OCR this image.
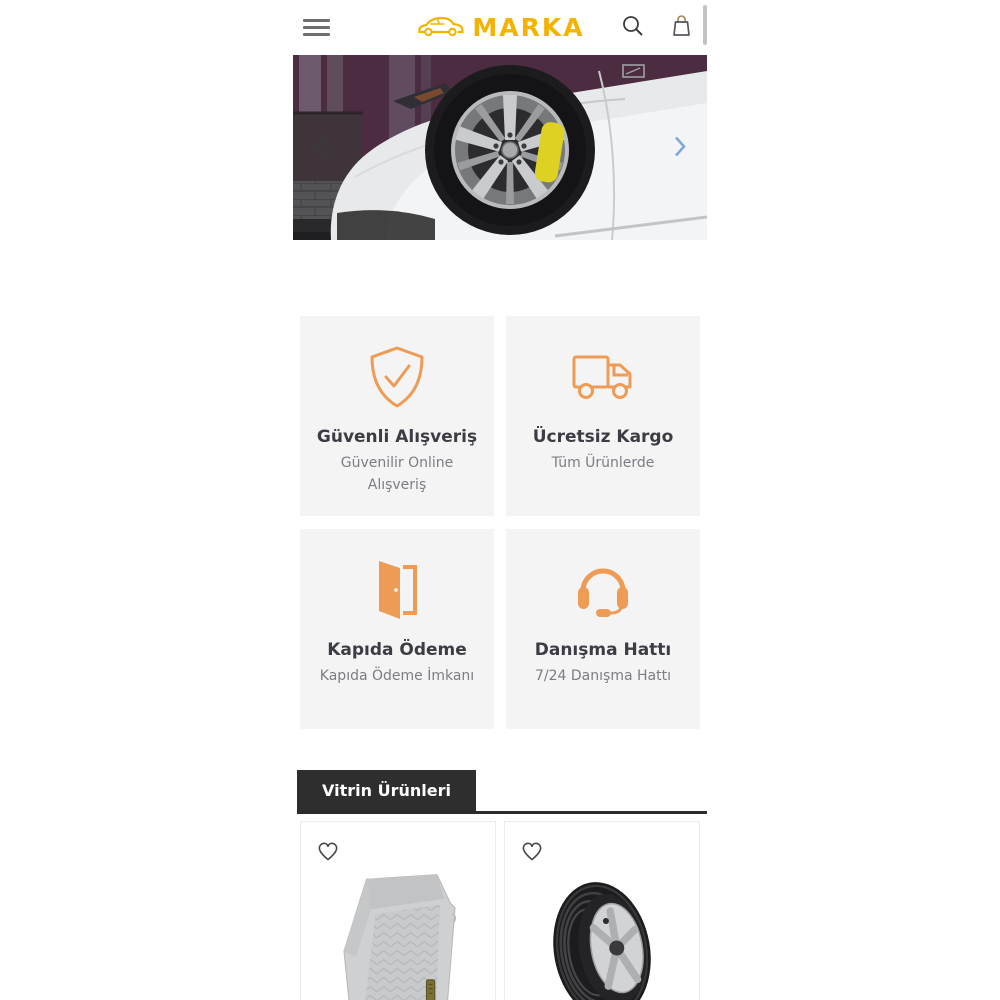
MARKA
Güvenli Alışveriş

Güvenilir Online Alışveriş

Ücretsiz Kargo

Tüm Ürünlerde

Kapıda Ödeme

Kapıda Ödeme İmkanı

Danışma Hattı

7/24 Danışma Hattı

Vitrin Ürünleri
